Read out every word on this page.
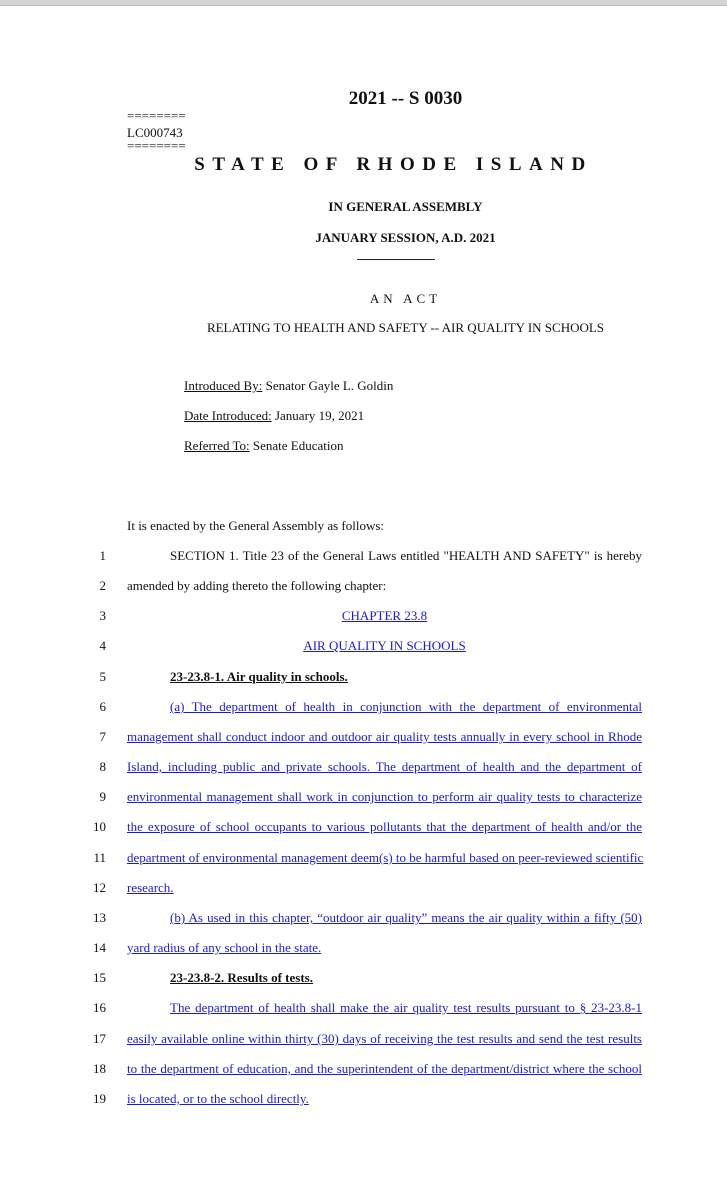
2021 -- S 0030
========
LC000743
========
STATE OF RHODE ISLAND
IN GENERAL ASSEMBLY
JANUARY SESSION, A.D. 2021
AN ACT
RELATING TO HEALTH AND SAFETY -- AIR QUALITY IN SCHOOLS
Introduced By: Senator Gayle L. Goldin
Date Introduced: January 19, 2021
Referred To: Senate Education
It is enacted by the General Assembly as follows:
1
2
3
4
5
6
7
8
9
10
11
12
13
14
15
16
17
18
19
SECTION 1. Title 23 of the General Laws entitled "HEALTH AND SAFETY" is hereby
amended by adding thereto the following chapter:
CHAPTER 23.8
AIR QUALITY IN SCHOOLS
23-23.8-1. Air quality in schools.
(a) The department of health in conjunction with the department of environmental
management shall conduct indoor and outdoor air quality tests annually in every school in Rhode
Island, including public and private schools. The department of health and the department of
environmental management shall work in conjunction to perform air quality tests to characterize
the exposure of school occupants to various pollutants that the department of health and/or the
department of environmental management deem(s) to be harmful based on peer-reviewed scientific
research.
(b) As used in this chapter, “outdoor air quality” means the air quality within a fifty (50)
yard radius of any school in the state.
23-23.8-2. Results of tests.
The department of health shall make the air quality test results pursuant to § 23-23.8-1
easily available online within thirty (30) days of receiving the test results and send the test results
to the department of education, and the superintendent of the department/district where the school
is located, or to the school directly.
